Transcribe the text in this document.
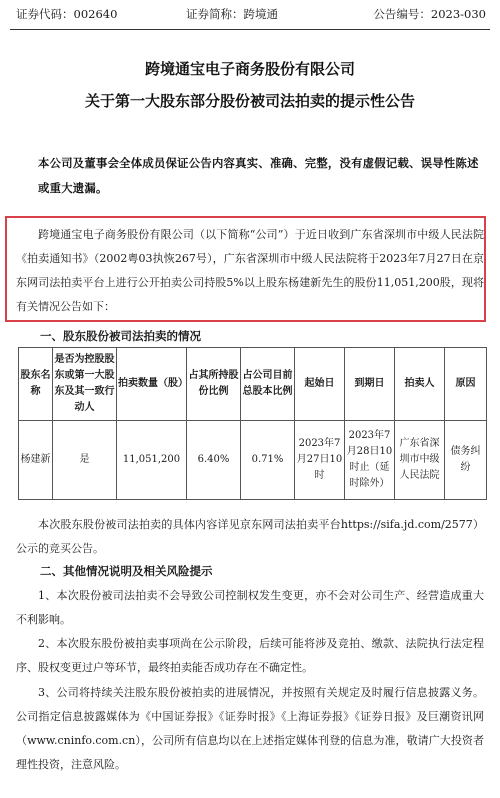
证券代码：002640	证券简称：跨境通	公告编号：2023-030
跨境通宝电子商务股份有限公司
关于第一大股东部分股份被司法拍卖的提示性公告
本公司及董事会全体成员保证公告内容真实、准确、完整，没有虚假记载、误导性陈述或重大遗漏。
跨境通宝电子商务股份有限公司（以下简称“公司”）于近日收到广东省深圳市中级人民法院《拍卖通知书》（2002粤03执恢267号），广东省深圳市中级人民法院将于2023年7月27日在京东网司法拍卖平台上进行公开拍卖公司持股5%以上股东杨建新先生的股份11,051,200股，现将有关情况公告如下：
一、股东股份被司法拍卖的情况
股东名称	是否为控股股东或第一大股东及其一致行动人	拍卖数量（股）	占其所持股份比例	占公司目前总股本比例	起始日	到期日	拍卖人	原因
杨建新	是	11,051,200	6.40%	0.71%	2023年7月27日10时	2023年7月28日10时止（延时除外）	广东省深圳市中级人民法院	债务纠纷
本次股东股份被司法拍卖的具体内容详见京东网司法拍卖平台https://sifa.jd.com/2577）公示的竞买公告。
二、其他情况说明及相关风险提示
1、本次股份被司法拍卖不会导致公司控制权发生变更，亦不会对公司生产、经营造成重大不利影响。
2、本次股东股份被拍卖事项尚在公示阶段，后续可能将涉及竞拍、缴款、法院执行法定程序、股权变更过户等环节，最终拍卖能否成功存在不确定性。
3、公司将持续关注股东股份被拍卖的进展情况，并按照有关规定及时履行信息披露义务。公司指定信息披露媒体为《中国证券报》《证券时报》《上海证券报》《证券日报》及巨潮资讯网（www.cninfo.com.cn），公司所有信息均以在上述指定媒体刊登的信息为准，敬请广大投资者理性投资，注意风险。
